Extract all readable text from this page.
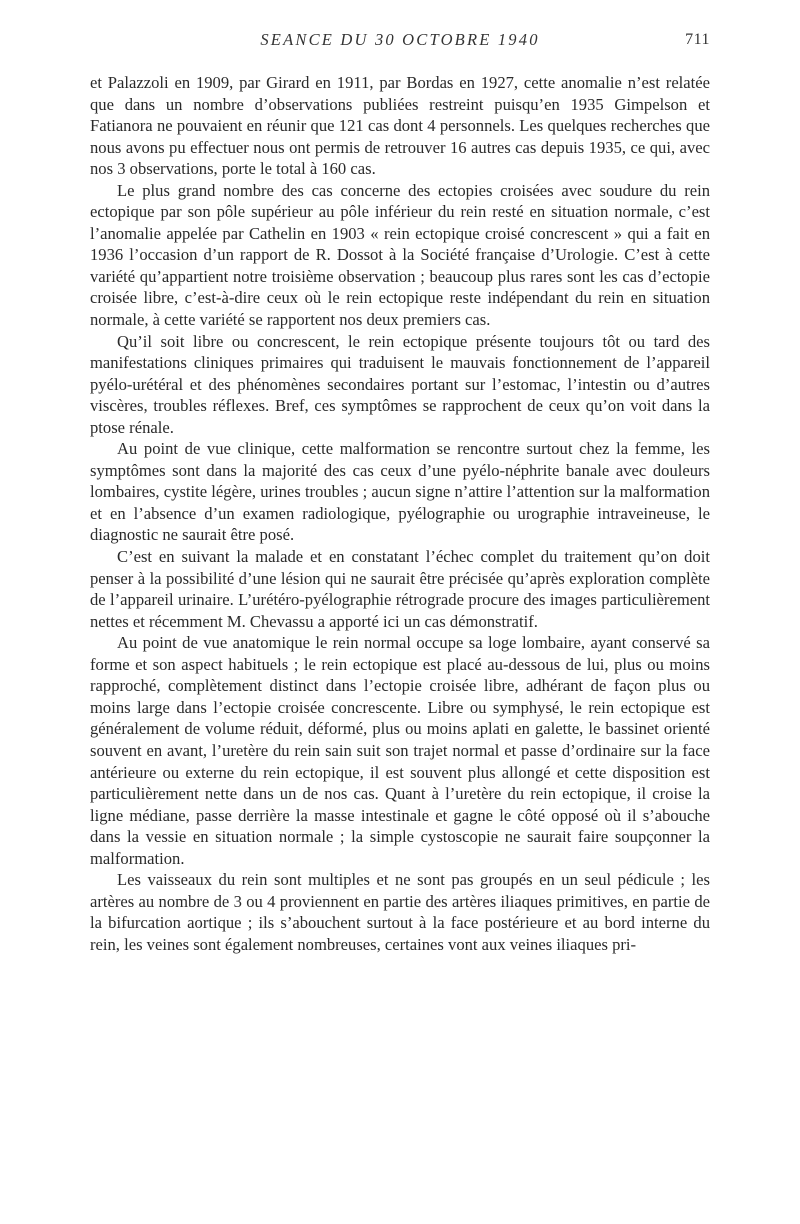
SEANCE DU 30 OCTOBRE 1940	711

et Palazzoli en 1909, par Girard en 1911, par Bordas en 1927, cette anomalie n’est relatée que dans un nombre d’observations publiées restreint puisqu’en 1935 Gimpelson et Fatianora ne pouvaient en réunir que 121 cas dont 4 personnels. Les quelques recherches que nous avons pu effectuer nous ont permis de retrouver 16 autres cas depuis 1935, ce qui, avec nos 3 observations, porte le total à 160 cas.

Le plus grand nombre des cas concerne des ectopies croisées avec soudure du rein ectopique par son pôle supérieur au pôle inférieur du rein resté en situation normale, c’est l’anomalie appelée par Cathelin en 1903 « rein ectopique croisé concrescent » qui a fait en 1936 l’occasion d’un rapport de R. Dossot à la Société française d’Urologie. C’est à cette variété qu’appartient notre troisième observation ; beaucoup plus rares sont les cas d’ectopie croisée libre, c’est-à-dire ceux où le rein ectopique reste indépendant du rein en situation normale, à cette variété se rapportent nos deux premiers cas.

Qu’il soit libre ou concrescent, le rein ectopique présente toujours tôt ou tard des manifestations cliniques primaires qui traduisent le mauvais fonctionnement de l’appareil pyélo-urétéral et des phénomènes secondaires portant sur l’estomac, l’intestin ou d’autres viscères, troubles réflexes. Bref, ces symptômes se rapprochent de ceux qu’on voit dans la ptose rénale.

Au point de vue clinique, cette malformation se rencontre surtout chez la femme, les symptômes sont dans la majorité des cas ceux d’une pyélo-néphrite banale avec douleurs lombaires, cystite légère, urines troubles ; aucun signe n’attire l’attention sur la malformation et en l’absence d’un examen radiologique, pyélographie ou urographie intraveineuse, le diagnostic ne saurait être posé.

C’est en suivant la malade et en constatant l’échec complet du traitement qu’on doit penser à la possibilité d’une lésion qui ne saurait être précisée qu’après exploration complète de l’appareil urinaire. L’urétéro-pyélographie rétrograde procure des images particulièrement nettes et récemment M. Chevassu a apporté ici un cas démonstratif.

Au point de vue anatomique le rein normal occupe sa loge lombaire, ayant conservé sa forme et son aspect habituels ; le rein ectopique est placé au-dessous de lui, plus ou moins rapproché, complètement distinct dans l’ectopie croisée libre, adhérant de façon plus ou moins large dans l’ectopie croisée concrescente. Libre ou symphysé, le rein ectopique est généralement de volume réduit, déformé, plus ou moins aplati en galette, le bassinet orienté souvent en avant, l’uretère du rein sain suit son trajet normal et passe d’ordinaire sur la face antérieure ou externe du rein ectopique, il est souvent plus allongé et cette disposition est particulièrement nette dans un de nos cas. Quant à l’uretère du rein ectopique, il croise la ligne médiane, passe derrière la masse intestinale et gagne le côté opposé où il s’abouche dans la vessie en situation normale ; la simple cystoscopie ne saurait faire soupçonner la malformation.

Les vaisseaux du rein sont multiples et ne sont pas groupés en un seul pédicule ; les artères au nombre de 3 ou 4 proviennent en partie des artères iliaques primitives, en partie de la bifurcation aortique ; ils s’abouchent surtout à la face postérieure et au bord interne du rein, les veines sont également nombreuses, certaines vont aux veines iliaques pri-
